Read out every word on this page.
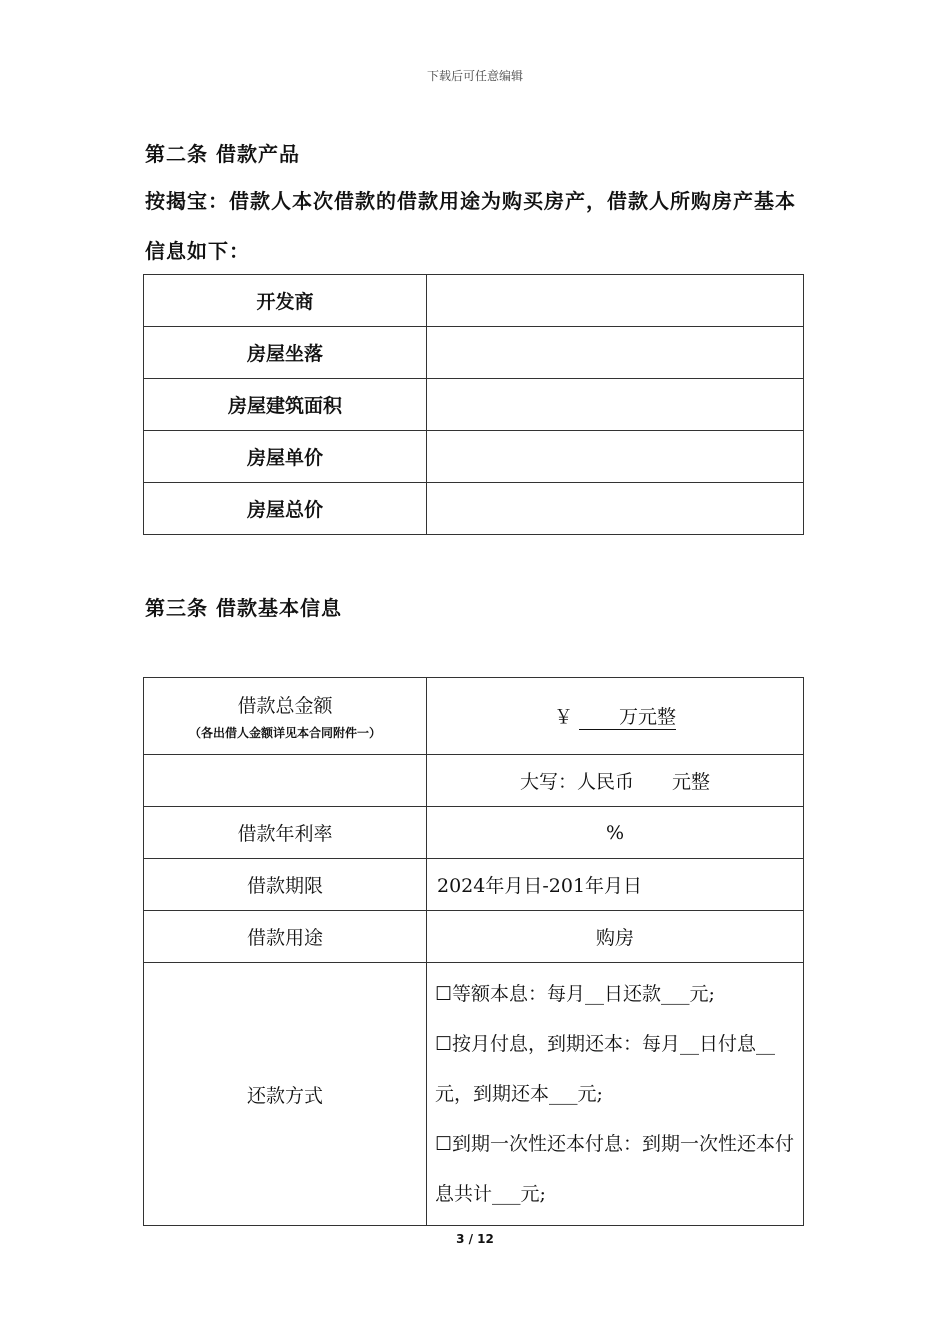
下载后可任意编辑
第二条 借款产品
按揭宝：借款人本次借款的借款用途为购买房产，借款人所购房产基本信息如下：
开发商	
房屋坐落	
房屋建筑面积	
房屋单价	
房屋总价	
第三条 借款基本信息
借款总金额
（各出借人金额详见本合同附件一）	￥ 万元整
	大写：人民币　　元整
借款年利率	%
借款期限	2024年月日-201年月日
借款用途	购房
还款方式	☐等额本息：每月__日还款___元;
☐按月付息，到期还本：每月__日付息__元，到期还本___元;
☐到期一次性还本付息：到期一次性还本付息共计___元;
3 / 12
